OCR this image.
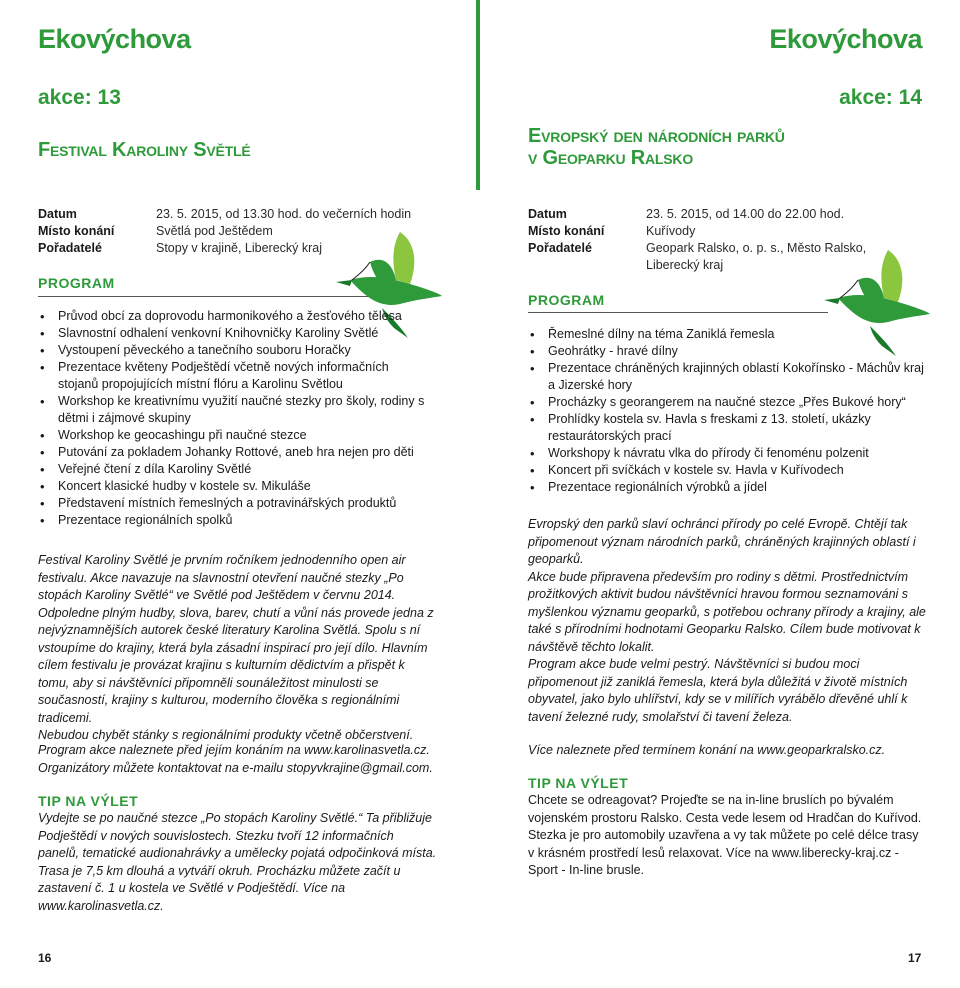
Ekovýchova
akce: 13
Festival Karoliny Světlé
Datum	23. 5. 2015, od 13.30 hod. do večerních hodin
Místo konání	Světlá pod Ještědem
Pořadatelé	Stopy v krajině, Liberecký kraj
PROGRAM
• Průvod obcí za doprovodu harmonikového a žesťového tělesa
• Slavnostní odhalení venkovní Knihovničky Karoliny Světlé
• Vystoupení pěveckého a tanečního souboru Horačky
• Prezentace květeny Podještědí včetně nových informačních stojanů propojujících místní flóru a Karolinu Světlou
• Workshop ke kreativnímu využití naučné stezky pro školy, rodiny s dětmi i zájmové skupiny
• Workshop ke geocashingu při naučné stezce
• Putování za pokladem Johanky Rottové, aneb hra nejen pro děti
• Veřejné čtení z díla Karoliny Světlé
• Koncert klasické hudby v kostele sv. Mikuláše
• Představení místních řemeslných a potravinářských produktů
• Prezentace regionálních spolků

Festival Karoliny Světlé je prvním ročníkem jednodenního open air festivalu. Akce navazuje na slavnostní otevření naučné stezky „Po stopách Karoliny Světlé“ ve Světlé pod Ještědem v červnu 2014.

Odpoledne plným hudby, slova, barev, chutí a vůní nás provede jedna z nejvýznamnějších autorek české literatury Karolina Světlá. Spolu s ní vstoupíme do krajiny, která byla zásadní inspirací pro její dílo. Hlavním cílem festivalu je provázat krajinu s kulturním dědictvím a přispět k tomu, aby si návštěvníci připomněli sounáležitost minulosti se současností, krajiny s kulturou, moderního člověka s regionálními tradicemi.

Nebudou chybět stánky s regionálními produkty včetně občerstvení.

Program akce naleznete před jejím konáním na www.karolinasvetla.cz.

Organizátory můžete kontaktovat na e-mailu stopyvkrajine@gmail.com.

TIP NA VÝLET

Vydejte se po naučné stezce „Po stopách Karoliny Světlé.“ Ta přibližuje Podještědí v nových souvislostech. Stezku tvoří 12 informačních panelů, tematické audionahrávky a umělecky pojatá odpočinková místa. Trasa je 7,5 km dlouhá a vytváří okruh. Procházku můžete začít u zastavení č. 1 u kostela ve Světlé v Podještědí. Více na www.karolinasvetla.cz.

16
Ekovýchova
akce: 14
Evropský den národních parků
v Geoparku Ralsko
Datum	23. 5. 2015, od 14.00 do 22.00 hod.
Místo konání	Kuřívody
Pořadatelé	Geopark Ralsko, o. p. s., Město Ralsko,
Liberecký kraj
PROGRAM
• Řemeslné dílny na téma Zaniklá řemesla
• Geohrátky - hravé dílny
• Prezentace chráněných krajinných oblastí Kokořínsko - Máchův kraj a Jizerské hory
• Procházky s georangerem na naučné stezce „Přes Bukové hory“
• Prohlídky kostela sv. Havla s freskami z 13. století, ukázky restaurátorských prací
• Workshopy k návratu vlka do přírody či fenoménu polzenit
• Koncert při svíčkách v kostele sv. Havla v Kuřívodech
• Prezentace regionálních výrobků a jídel

Evropský den parků slaví ochránci přírody po celé Evropě. Chtějí tak připomenout význam národních parků, chráněných krajinných oblastí i geoparků.

Akce bude připravena především pro rodiny s dětmi. Prostřednictvím prožitkových aktivit budou návštěvníci hravou formou seznamováni s myšlenkou významu geoparků, s potřebou ochrany přírody a krajiny, ale také s přírodními hodnotami Geoparku Ralsko. Cílem bude motivovat k návštěvě těchto lokalit.

Program akce bude velmi pestrý. Návštěvníci si budou moci připomenout již zaniklá řemesla, která byla důležitá v životě místních obyvatel, jako bylo uhlířství, kdy se v milířích vyrábělo dřevěné uhlí k tavení železné rudy, smolařství či tavení železa.

Více naleznete před termínem konání na www.geoparkralsko.cz.

TIP NA VÝLET

Chcete se odreagovat? Projeďte se na in-line bruslích po bývalém vojenském prostoru Ralsko. Cesta vede lesem od Hradčan do Kuřívod. Stezka je pro automobily uzavřena a vy tak můžete po celé délce trasy v krásném prostředí lesů relaxovat. Více na www.liberecky-kraj.cz - Sport - In-line brusle.

17
